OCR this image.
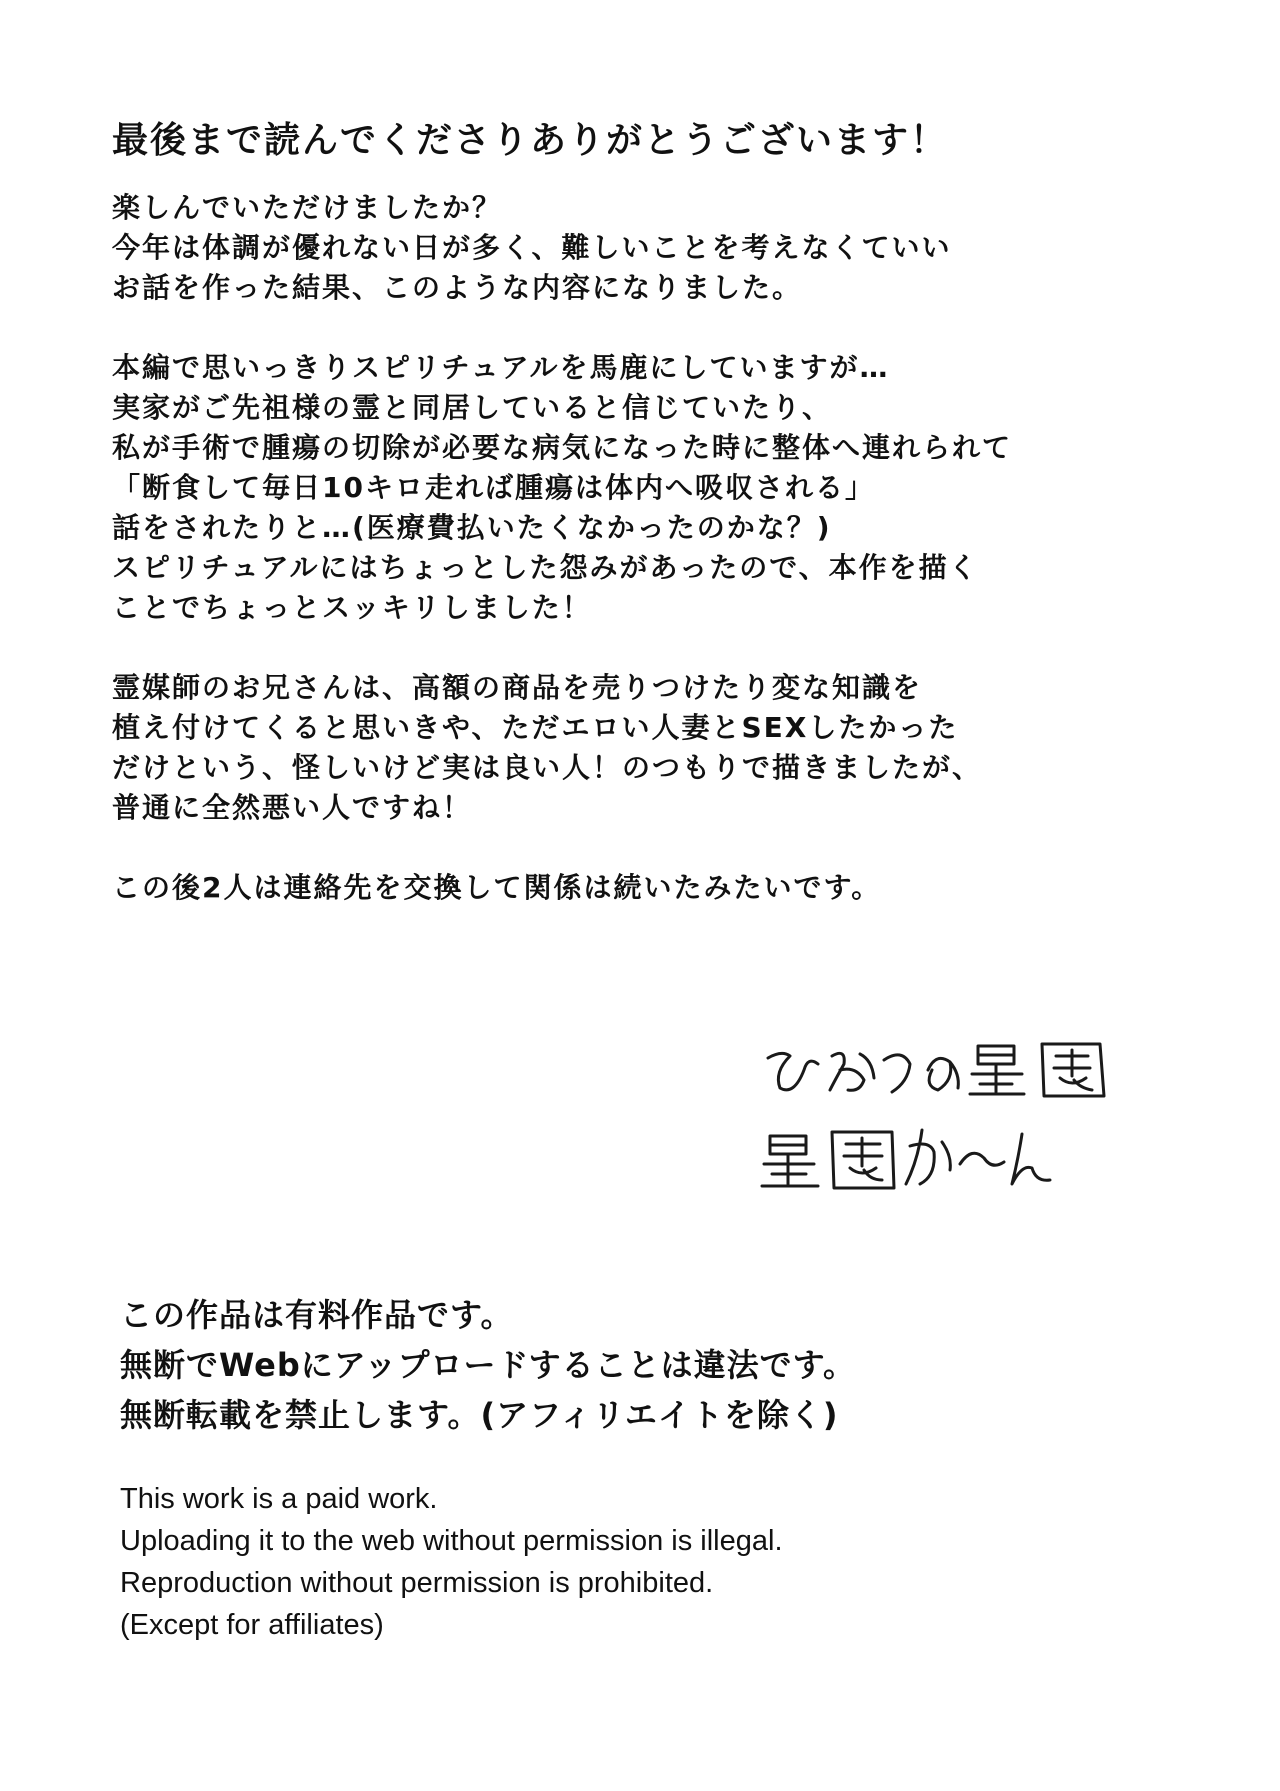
最後まで読んでくださりありがとうございます！

楽しんでいただけましたか？
今年は体調が優れない日が多く、難しいことを考えなくていい
お話を作った結果、このような内容になりました。

本編で思いっきりスピリチュアルを馬鹿にしていますが…
実家がご先祖様の霊と同居していると信じていたり、
私が手術で腫瘍の切除が必要な病気になった時に整体へ連れられて
「断食して毎日10キロ走れば腫瘍は体内へ吸収される」
話をされたりと…(医療費払いたくなかったのかな？)
スピリチュアルにはちょっとした怨みがあったので、本作を描く
ことでちょっとスッキリしました！

霊媒師のお兄さんは、高額の商品を売りつけたり変な知識を
植え付けてくると思いきや、ただエロい人妻とSEXしたかった
だけという、怪しいけど実は良い人！のつもりで描きましたが、
普通に全然悪い人ですね！

この後2人は連絡先を交換して関係は続いたみたいです。

この作品は有料作品です。
無断でWebにアップロードすることは違法です。
無断転載を禁止します。(アフィリエイトを除く)
This work is a paid work.
Uploading it to the web without permission is illegal.
Reproduction without permission is prohibited.
(Except for affiliates)
